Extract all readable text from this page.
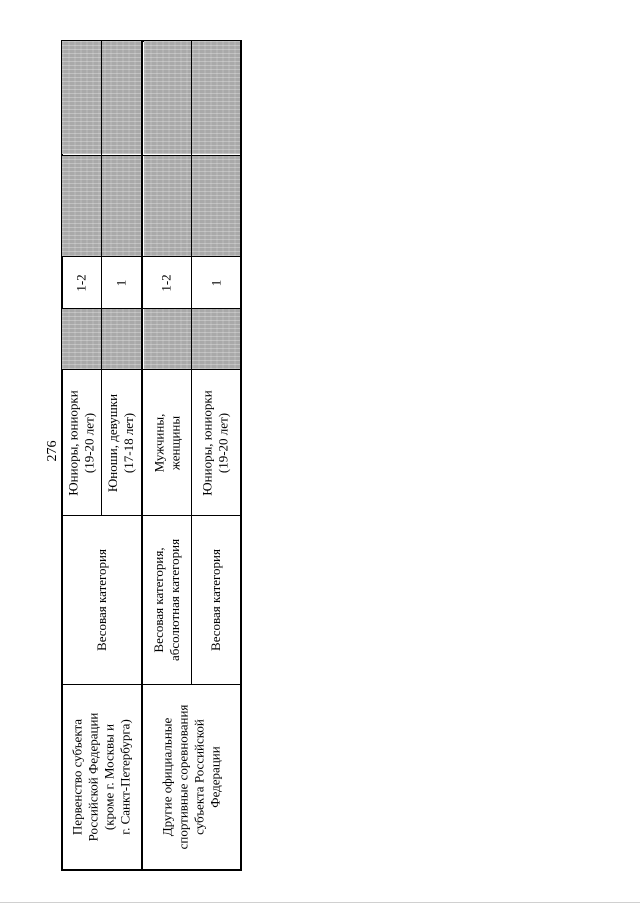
276
Первенство субъекта
Российской Федерации
(кроме г. Москвы и
г. Санкт-Петербурга) Другие официальные
спортивные соревнования
субъекта Российской
Федерации
Весовая категория	Весовая категория,
абсолютная категория Весовая категория
Юниоры, юниорки
(19-20 лет)
Юноши, девушки
(17-18 лет) Мужчины,
женщины Юниоры, юниорки
(19-20 лет)
1-2 1 1-2	1
